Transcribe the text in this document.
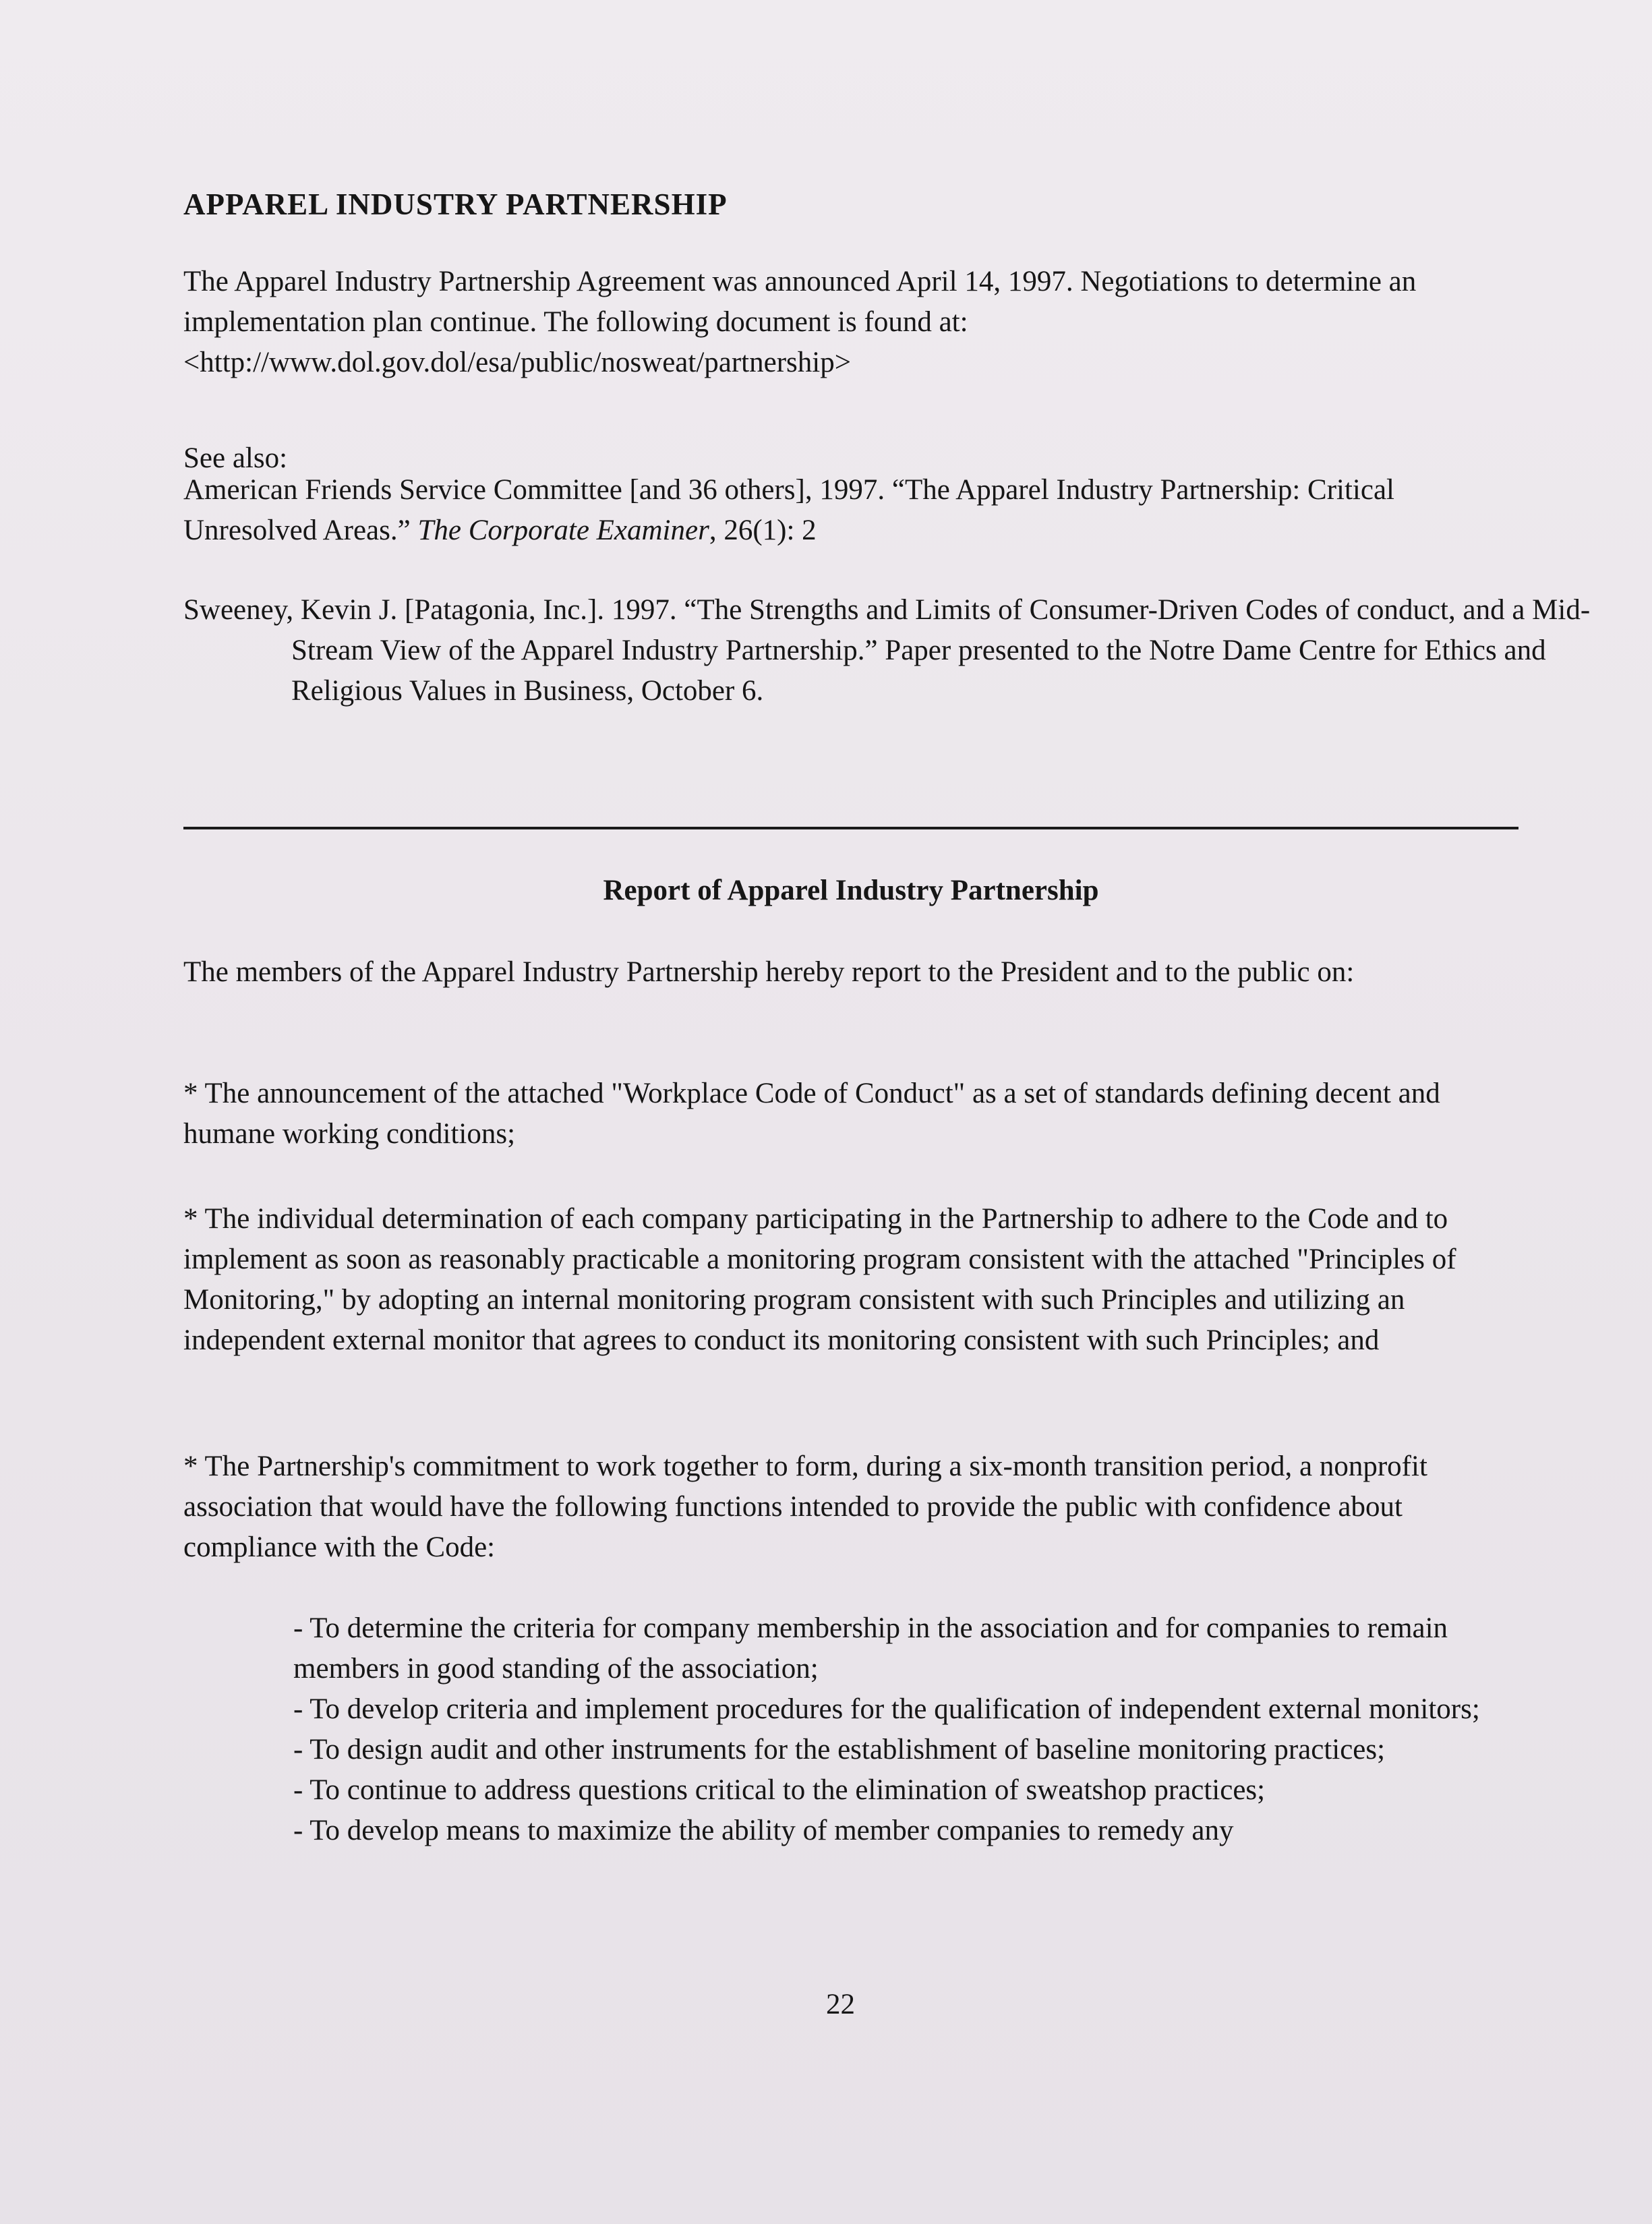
APPAREL INDUSTRY PARTNERSHIP

The Apparel Industry Partnership Agreement was announced April 14, 1997. Negotiations to determine an implementation plan continue. The following document is found at: <http://www.dol.gov.dol/esa/public/nosweat/partnership>

See also:

American Friends Service Committee [and 36 others], 1997. “The Apparel Industry Partnership: Critical Unresolved Areas.” The Corporate Examiner, 26(1): 2

Sweeney, Kevin J. [Patagonia, Inc.]. 1997. “The Strengths and Limits of Consumer-Driven Codes of conduct, and a Mid-Stream View of the Apparel Industry Partnership.” Paper presented to the Notre Dame Centre for Ethics and Religious Values in Business, October 6.

Report of Apparel Industry Partnership

The members of the Apparel Industry Partnership hereby report to the President and to the public on:

* The announcement of the attached "Workplace Code of Conduct" as a set of standards defining decent and humane working conditions;

* The individual determination of each company participating in the Partnership to adhere to the Code and to implement as soon as reasonably practicable a monitoring program consistent with the attached "Principles of Monitoring," by adopting an internal monitoring program consistent with such Principles and utilizing an independent external monitor that agrees to conduct its monitoring consistent with such Principles; and

* The Partnership's commitment to work together to form, during a six-month transition period, a nonprofit association that would have the following functions intended to provide the public with confidence about compliance with the Code:

- To determine the criteria for company membership in the association and for companies to remain members in good standing of the association;
- To develop criteria and implement procedures for the qualification of independent external monitors;
- To design audit and other instruments for the establishment of baseline monitoring practices;
- To continue to address questions critical to the elimination of sweatshop practices;
- To develop means to maximize the ability of member companies to remedy any
22
